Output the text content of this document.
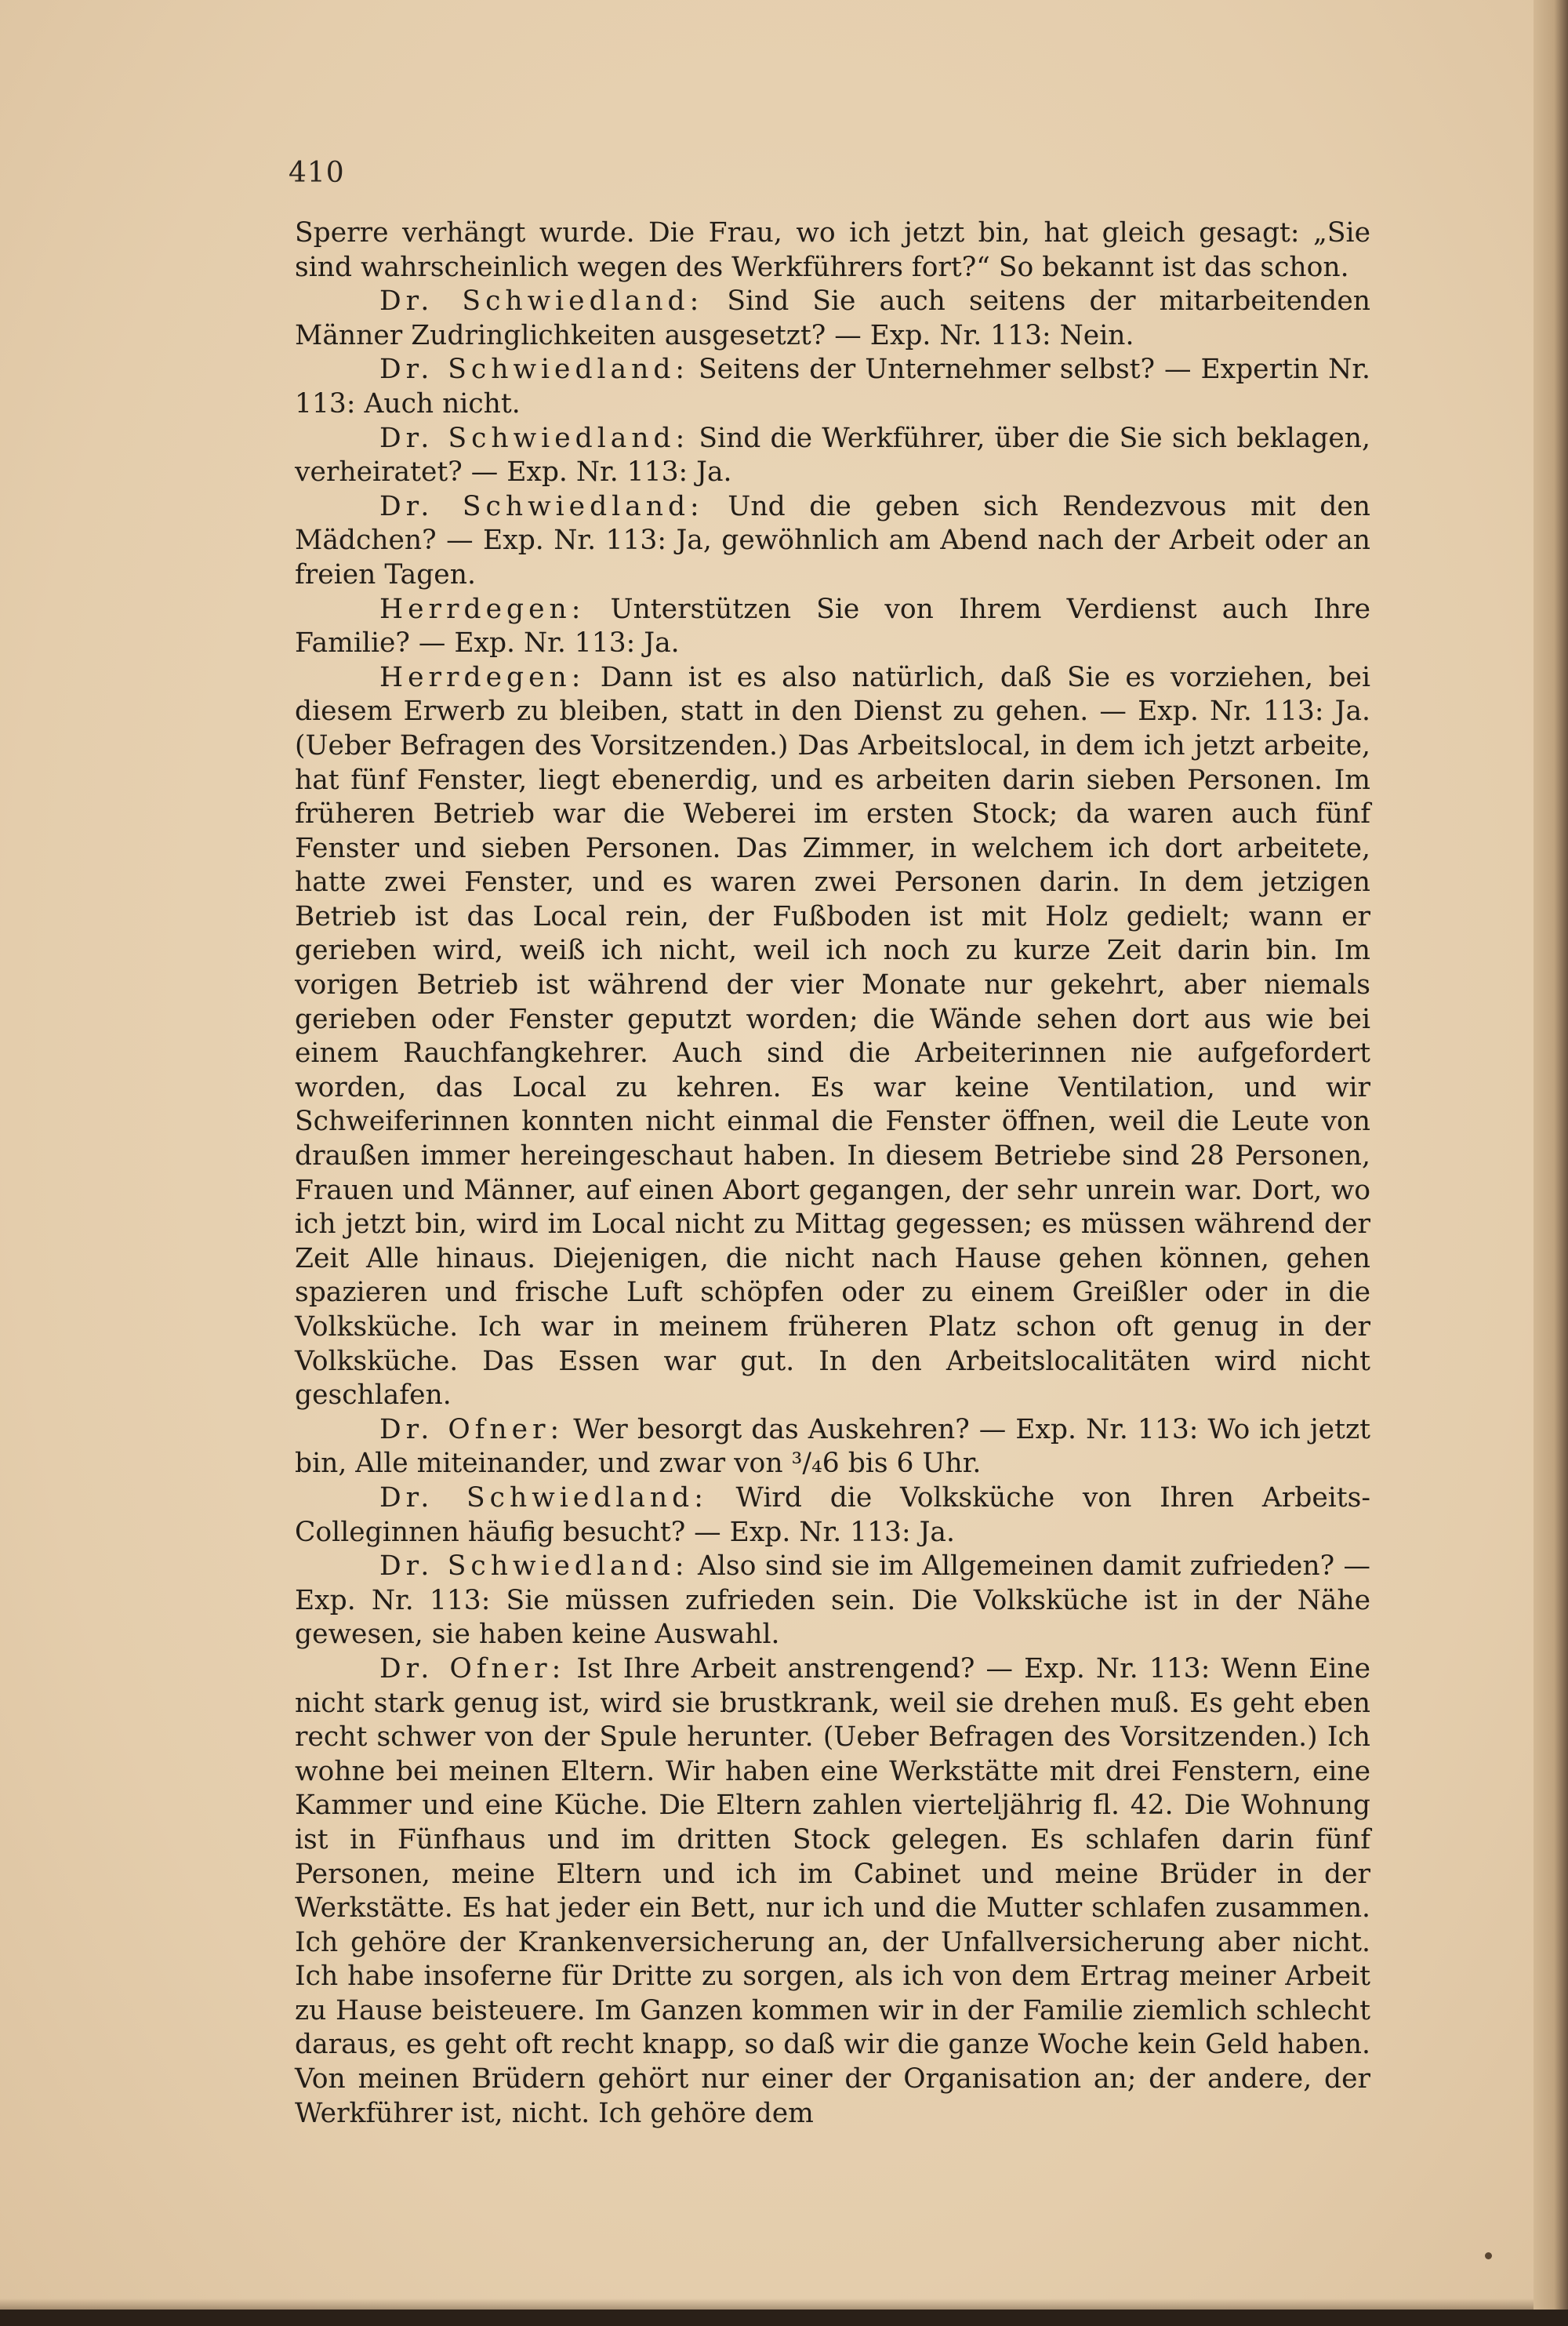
410

Sperre verhängt wurde. Die Frau, wo ich jetzt bin, hat gleich gesagt: „Sie sind wahrscheinlich wegen des Werkführers fort?“ So bekannt ist das schon.

Dr. Schwiedland: Sind Sie auch seitens der mitarbeitenden Männer Zudringlichkeiten ausgesetzt? — Exp. Nr. 113: Nein.

Dr. Schwiedland: Seitens der Unternehmer selbst? — Expertin Nr. 113: Auch nicht.

Dr. Schwiedland: Sind die Werkführer, über die Sie sich beklagen, verheiratet? — Exp. Nr. 113: Ja.

Dr. Schwiedland: Und die geben sich Rendezvous mit den Mädchen? — Exp. Nr. 113: Ja, gewöhnlich am Abend nach der Arbeit oder an freien Tagen.

Herrdegen: Unterstützen Sie von Ihrem Verdienst auch Ihre Familie? — Exp. Nr. 113: Ja.

Herrdegen: Dann ist es also natürlich, daß Sie es vorziehen, bei diesem Erwerb zu bleiben, statt in den Dienst zu gehen. — Exp. Nr. 113: Ja. (Ueber Befragen des Vorsitzenden.) Das Arbeitslocal, in dem ich jetzt arbeite, hat fünf Fenster, liegt ebenerdig, und es arbeiten darin sieben Personen. Im früheren Betrieb war die Weberei im ersten Stock; da waren auch fünf Fenster und sieben Personen. Das Zimmer, in welchem ich dort arbeitete, hatte zwei Fenster, und es waren zwei Personen darin. In dem jetzigen Betrieb ist das Local rein, der Fußboden ist mit Holz gedielt; wann er gerieben wird, weiß ich nicht, weil ich noch zu kurze Zeit darin bin. Im vorigen Betrieb ist während der vier Monate nur gekehrt, aber niemals gerieben oder Fenster geputzt worden; die Wände sehen dort aus wie bei einem Rauchfangkehrer. Auch sind die Arbeiterinnen nie aufgefordert worden, das Local zu kehren. Es war keine Ventilation, und wir Schweiferinnen konnten nicht einmal die Fenster öffnen, weil die Leute von draußen immer hereingeschaut haben. In diesem Betriebe sind 28 Personen, Frauen und Männer, auf einen Abort gegangen, der sehr unrein war. Dort, wo ich jetzt bin, wird im Local nicht zu Mittag gegessen; es müssen während der Zeit Alle hinaus. Diejenigen, die nicht nach Hause gehen können, gehen spazieren und frische Luft schöpfen oder zu einem Greißler oder in die Volksküche. Ich war in meinem früheren Platz schon oft genug in der Volksküche. Das Essen war gut. In den Arbeitslocalitäten wird nicht geschlafen.

Dr. Ofner: Wer besorgt das Auskehren? — Exp. Nr. 113: Wo ich jetzt bin, Alle miteinander, und zwar von ³/₄6 bis 6 Uhr.

Dr. Schwiedland: Wird die Volksküche von Ihren Arbeits-Colleginnen häufig besucht? — Exp. Nr. 113: Ja.

Dr. Schwiedland: Also sind sie im Allgemeinen damit zufrieden? — Exp. Nr. 113: Sie müssen zufrieden sein. Die Volksküche ist in der Nähe gewesen, sie haben keine Auswahl.

Dr. Ofner: Ist Ihre Arbeit anstrengend? — Exp. Nr. 113: Wenn Eine nicht stark genug ist, wird sie brustkrank, weil sie drehen muß. Es geht eben recht schwer von der Spule herunter. (Ueber Befragen des Vorsitzenden.) Ich wohne bei meinen Eltern. Wir haben eine Werkstätte mit drei Fenstern, eine Kammer und eine Küche. Die Eltern zahlen vierteljährig fl. 42. Die Wohnung ist in Fünfhaus und im dritten Stock gelegen. Es schlafen darin fünf Personen, meine Eltern und ich im Cabinet und meine Brüder in der Werkstätte. Es hat jeder ein Bett, nur ich und die Mutter schlafen zusammen. Ich gehöre der Krankenversicherung an, der Unfallversicherung aber nicht. Ich habe insoferne für Dritte zu sorgen, als ich von dem Ertrag meiner Arbeit zu Hause beisteuere. Im Ganzen kommen wir in der Familie ziemlich schlecht daraus, es geht oft recht knapp, so daß wir die ganze Woche kein Geld haben. Von meinen Brüdern gehört nur einer der Organisation an; der andere, der Werkführer ist, nicht. Ich gehöre dem
